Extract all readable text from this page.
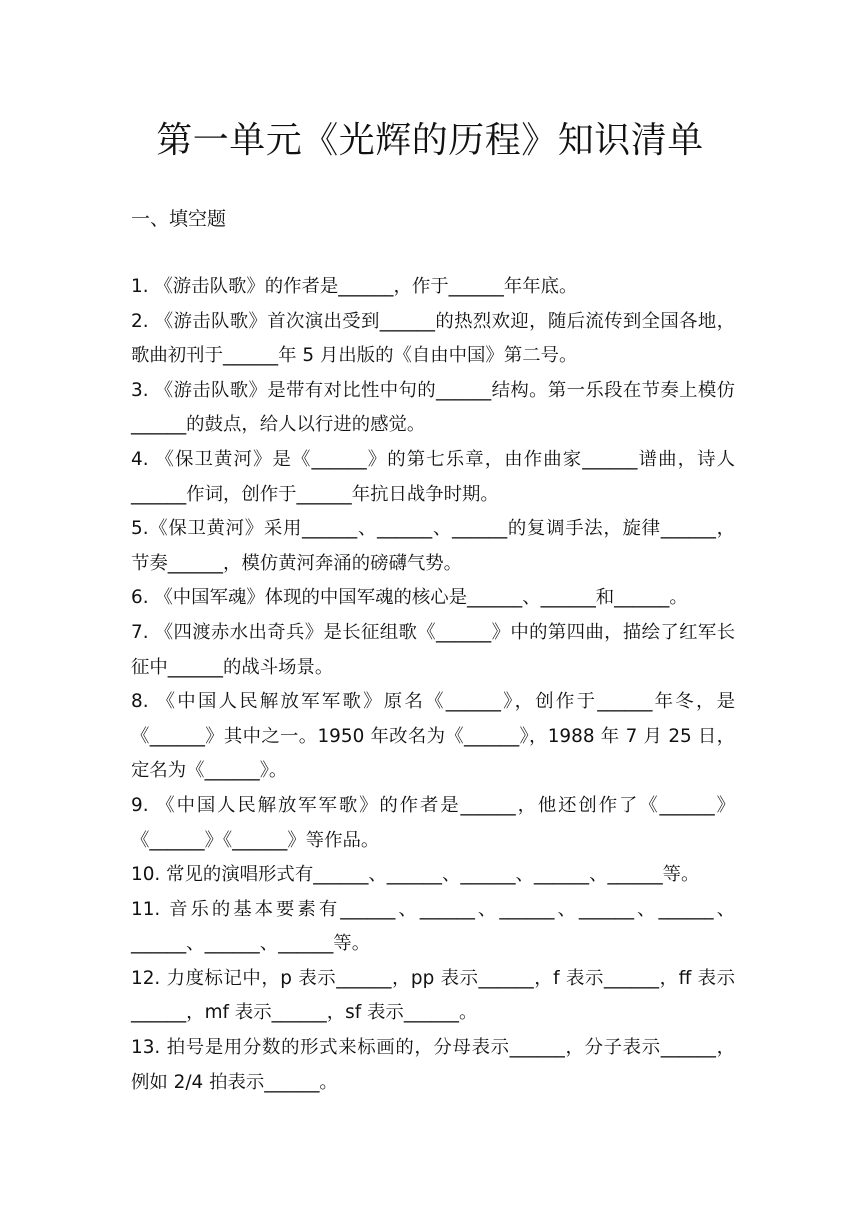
第一单元《光辉的历程》知识清单
一、填空题
1. 《游击队歌》的作者是______，作于______年年底。
2. 《游击队歌》首次演出受到______的热烈欢迎，随后流传到全国各地，歌曲初刊于______年 5 月出版的《自由中国》第二号。
3. 《游击队歌》是带有对比性中句的______结构。第一乐段在节奏上模仿______的鼓点，给人以行进的感觉。
4. 《保卫黄河》是《______》的第七乐章，由作曲家______谱曲，诗人______作词，创作于______年抗日战争时期。
5.《保卫黄河》采用______、______、______的复调手法，旋律______，节奏______，模仿黄河奔涌的磅礴气势。
6. 《中国军魂》体现的中国军魂的核心是______、______和______。
7. 《四渡赤水出奇兵》是长征组歌《______》中的第四曲，描绘了红军长征中______的战斗场景。
8. 《中国人民解放军军歌》原名《______》，创作于______年冬，是《______》其中之一。1950 年改名为《______》，1988 年 7 月 25 日，定名为《______》。
9. 《中国人民解放军军歌》的作者是______，他还创作了《______》《______》《______》等作品。
10. 常见的演唱形式有______、______、______、______、______等。
11. 音乐的基本要素有______、______、______、______、______、______、______、______等。
12. 力度标记中，p 表示______，pp 表示______，f 表示______，ff 表示______，mf 表示______，sf 表示______。
13. 拍号是用分数的形式来标画的，分母表示______，分子表示______，例如 2/4 拍表示______。
